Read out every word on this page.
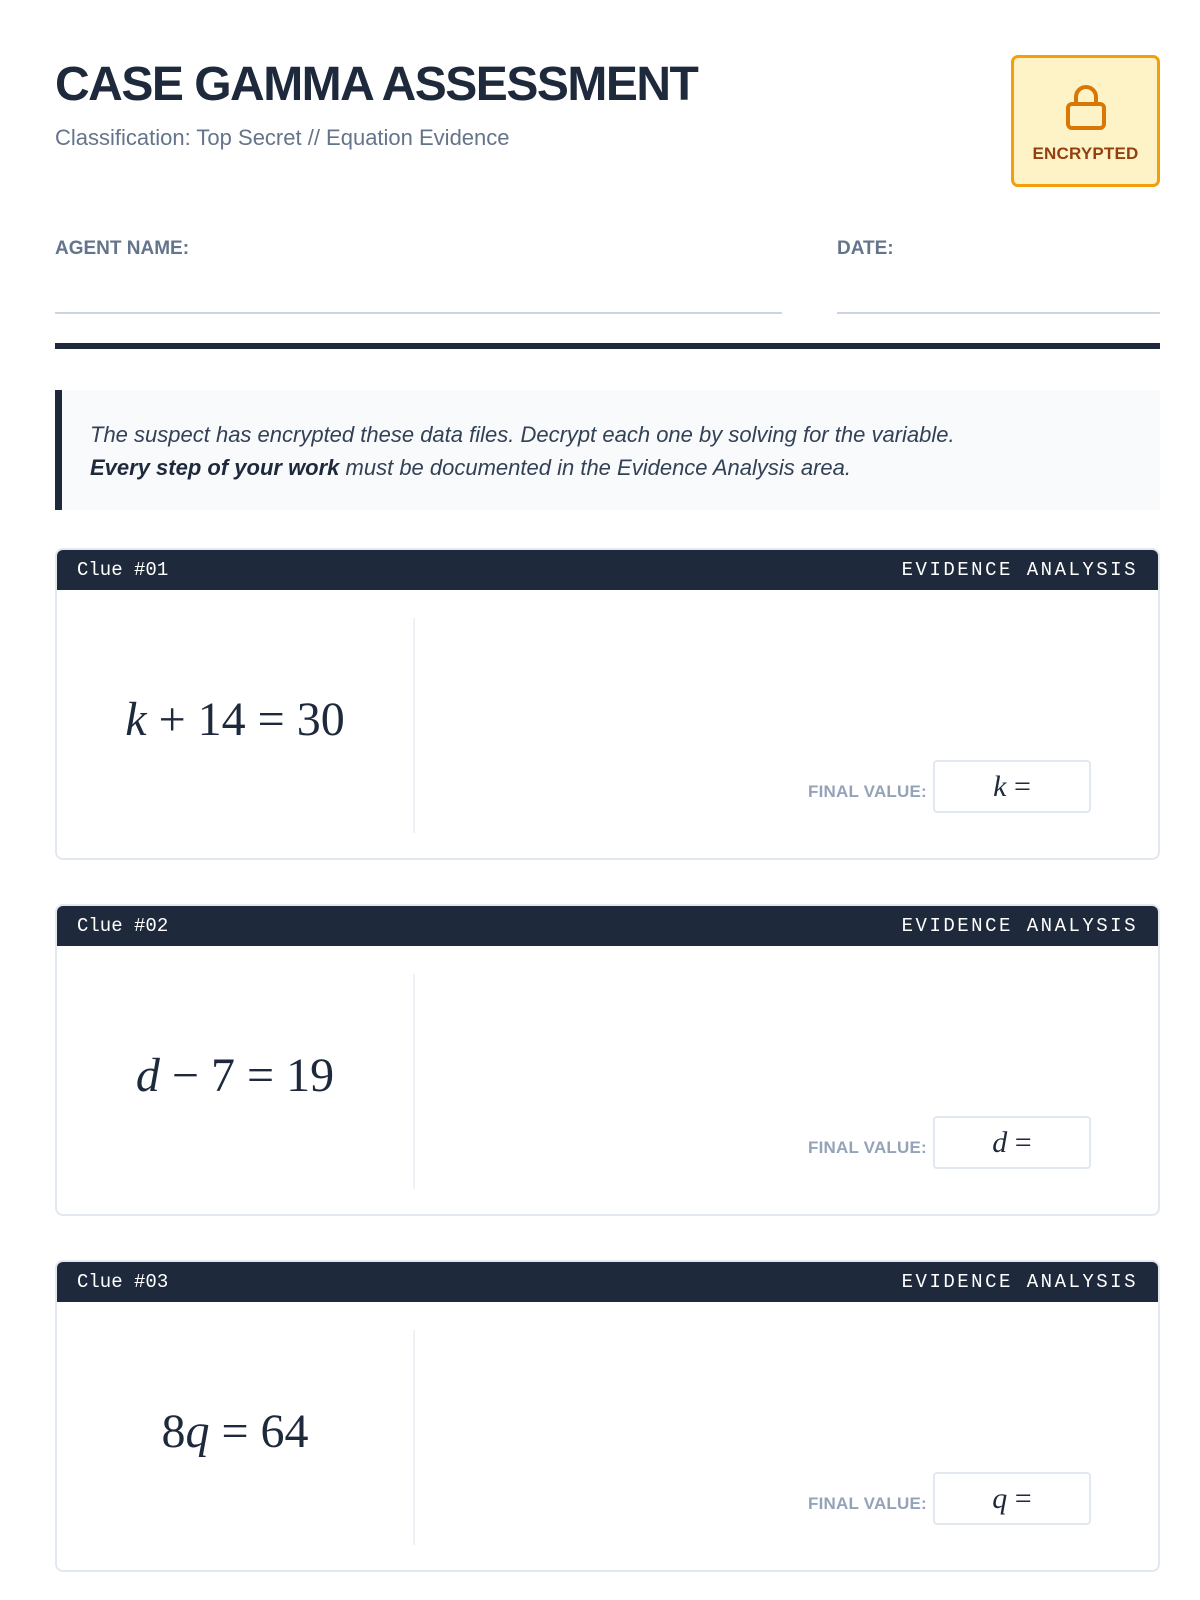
CASE GAMMA ASSESSMENT
Classification: Top Secret // Equation Evidence
ENCRYPTED
AGENT NAME:	DATE:
The suspect has encrypted these data files. Decrypt each one by solving for the variable.
Every step of your work must be documented in the Evidence Analysis area.
Clue #01	EVIDENCE ANALYSIS
k + 14 = 30
FINAL VALUE:	k =
Clue #02	EVIDENCE ANALYSIS
d − 7 = 19
FINAL VALUE:	d =
Clue #03	EVIDENCE ANALYSIS
8q = 64
FINAL VALUE:	q =
